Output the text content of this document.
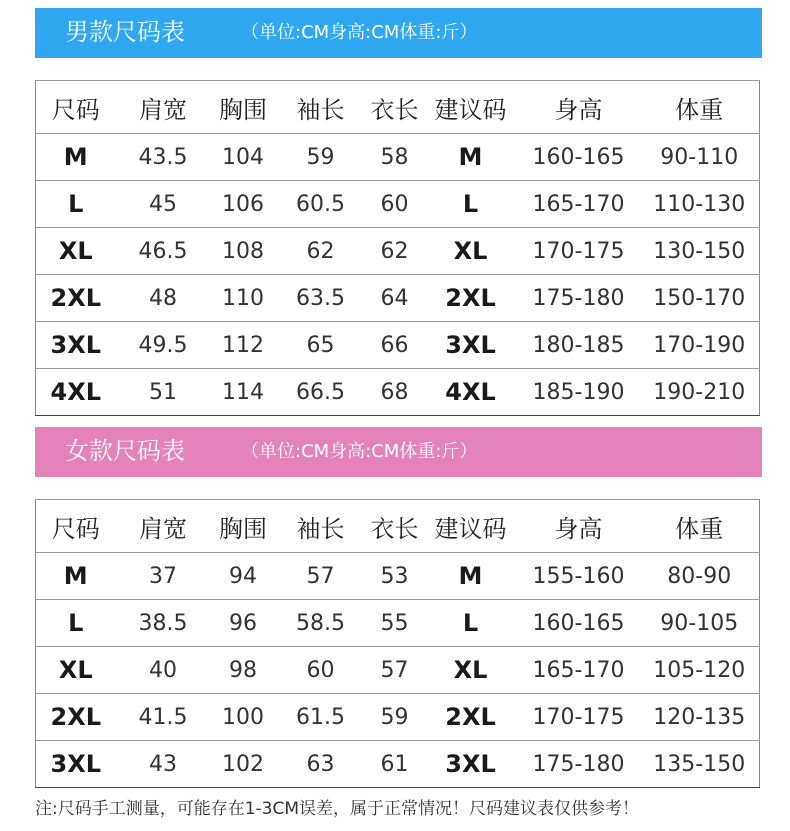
男款尺码表	（单位:CM身高:CM体重:斤）
尺码	肩宽	胸围	袖长	衣长	建议码	身高	体重
M	43.5	104	59	58	M	160-165	90-110
L	45	106	60.5	60	L	165-170	110-130
XL	46.5	108	62	62	XL	170-175	130-150
2XL	48	110	63.5	64	2XL	175-180	150-170
3XL	49.5	112	65	66	3XL	180-185	170-190
4XL	51	114	66.5	68	4XL	185-190	190-210
女款尺码表	（单位:CM身高:CM体重:斤）
尺码	肩宽	胸围	袖长	衣长	建议码	身高	体重
M	37	94	57	53	M	155-160	80-90
L	38.5	96	58.5	55	L	160-165	90-105
XL	40	98	60	57	XL	165-170	105-120
2XL	41.5	100	61.5	59	2XL	170-175	120-135
3XL	43	102	63	61	3XL	175-180	135-150
注:尺码手工测量，可能存在1-3CM误差，属于正常情况！尺码建议表仅供参考！
